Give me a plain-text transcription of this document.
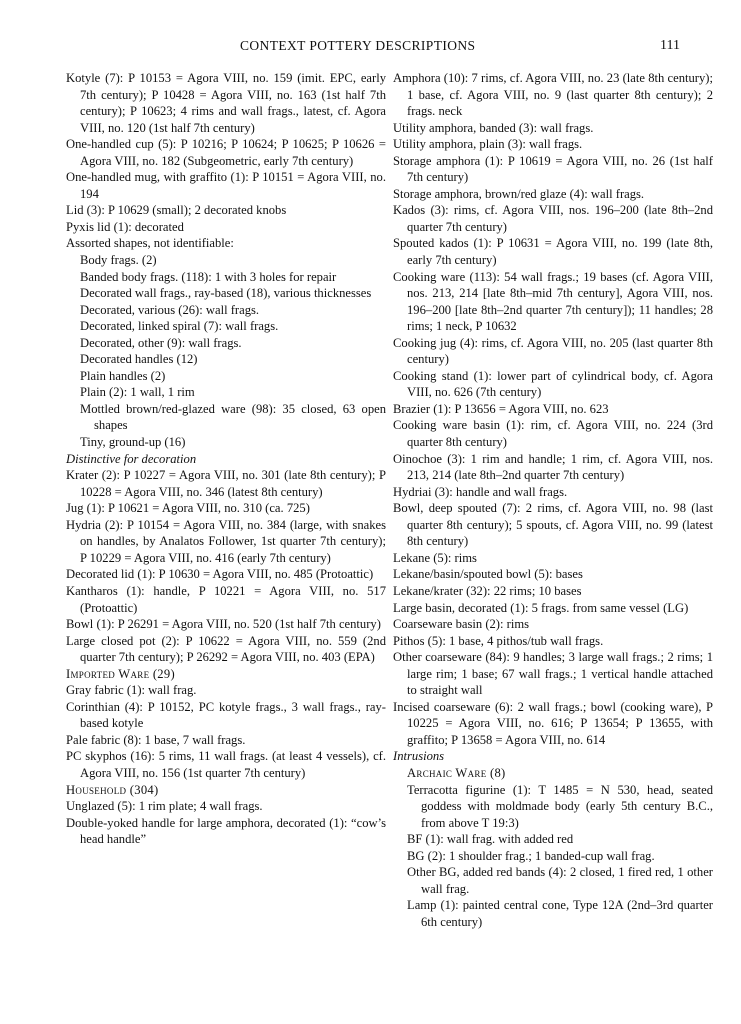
CONTEXT POTTERY DESCRIPTIONS	111

Kotyle (7): P 10153 = Agora VIII, no. 159 (imit. EPC, early 7th century); P 10428 = Agora VIII, no. 163 (1st half 7th century); P 10623; 4 rims and wall frags., latest, cf. Agora VIII, no. 120 (1st half 7th century)

One-handled cup (5): P 10216; P 10624; P 10625; P 10626 = Agora VIII, no. 182 (Subgeometric, early 7th century)

One-handled mug, with graffito (1): P 10151 = Agora VIII, no. 194

Lid (3): P 10629 (small); 2 decorated knobs

Pyxis lid (1): decorated

Assorted shapes, not identifiable:

Body frags. (2)

Banded body frags. (118): 1 with 3 holes for repair

Decorated wall frags., ray-based (18), various thicknesses

Decorated, various (26): wall frags.

Decorated, linked spiral (7): wall frags.

Decorated, other (9): wall frags.

Decorated handles (12)

Plain handles (2)

Plain (2): 1 wall, 1 rim

Mottled brown/red-glazed ware (98): 35 closed, 63 open shapes

Tiny, ground-up (16)

Distinctive for decoration

Krater (2): P 10227 = Agora VIII, no. 301 (late 8th century); P 10228 = Agora VIII, no. 346 (latest 8th century)

Jug (1): P 10621 = Agora VIII, no. 310 (ca. 725)

Hydria (2): P 10154 = Agora VIII, no. 384 (large, with snakes on handles, by Analatos Follower, 1st quarter 7th century); P 10229 = Agora VIII, no. 416 (early 7th century)

Decorated lid (1): P 10630 = Agora VIII, no. 485 (Protoattic)

Kantharos (1): handle, P 10221 = Agora VIII, no. 517 (Protoattic)

Bowl (1): P 26291 = Agora VIII, no. 520 (1st half 7th century)

Large closed pot (2): P 10622 = Agora VIII, no. 559 (2nd quarter 7th century); P 26292 = Agora VIII, no. 403 (EPA)

Imported Ware (29)

Gray fabric (1): wall frag.

Corinthian (4): P 10152, PC kotyle frags., 3 wall frags., ray-based kotyle

Pale fabric (8): 1 base, 7 wall frags.

PC skyphos (16): 5 rims, 11 wall frags. (at least 4 vessels), cf. Agora VIII, no. 156 (1st quarter 7th century)

Household (304)

Unglazed (5): 1 rim plate; 4 wall frags.

Double-yoked handle for large amphora, decorated (1): “cow’s head handle”

Amphora (10): 7 rims, cf. Agora VIII, no. 23 (late 8th century); 1 base, cf. Agora VIII, no. 9 (last quarter 8th century); 2 frags. neck

Utility amphora, banded (3): wall frags.

Utility amphora, plain (3): wall frags.

Storage amphora (1): P 10619 = Agora VIII, no. 26 (1st half 7th century)

Storage amphora, brown/red glaze (4): wall frags.

Kados (3): rims, cf. Agora VIII, nos. 196–200 (late 8th–2nd quarter 7th century)

Spouted kados (1): P 10631 = Agora VIII, no. 199 (late 8th, early 7th century)

Cooking ware (113): 54 wall frags.; 19 bases (cf. Agora VIII, nos. 213, 214 [late 8th–mid 7th century], Agora VIII, nos. 196–200 [late 8th–2nd quarter 7th century]); 11 handles; 28 rims; 1 neck, P 10632

Cooking jug (4): rims, cf. Agora VIII, no. 205 (last quarter 8th century)

Cooking stand (1): lower part of cylindrical body, cf. Agora VIII, no. 626 (7th century)

Brazier (1): P 13656 = Agora VIII, no. 623

Cooking ware basin (1): rim, cf. Agora VIII, no. 224 (3rd quarter 8th century)

Oinochoe (3): 1 rim and handle; 1 rim, cf. Agora VIII, nos. 213, 214 (late 8th–2nd quarter 7th century)

Hydriai (3): handle and wall frags.

Bowl, deep spouted (7): 2 rims, cf. Agora VIII, no. 98 (last quarter 8th century); 5 spouts, cf. Agora VIII, no. 99 (latest 8th century)

Lekane (5): rims

Lekane/basin/spouted bowl (5): bases

Lekane/krater (32): 22 rims; 10 bases

Large basin, decorated (1): 5 frags. from same vessel (LG)

Coarseware basin (2): rims

Pithos (5): 1 base, 4 pithos/tub wall frags.

Other coarseware (84): 9 handles; 3 large wall frags.; 2 rims; 1 large rim; 1 base; 67 wall frags.; 1 vertical handle attached to straight wall

Incised coarseware (6): 2 wall frags.; bowl (cooking ware), P 10225 = Agora VIII, no. 616; P 13654; P 13655, with graffito; P 13658 = Agora VIII, no. 614

Intrusions

Archaic Ware (8)

Terracotta figurine (1): T 1485 = N 530, head, seated goddess with moldmade body (early 5th century B.C., from above T 19:3)

BF (1): wall frag. with added red

BG (2): 1 shoulder frag.; 1 banded-cup wall frag.

Other BG, added red bands (4): 2 closed, 1 fired red, 1 other wall frag.

Lamp (1): painted central cone, Type 12A (2nd–3rd quarter 6th century)
